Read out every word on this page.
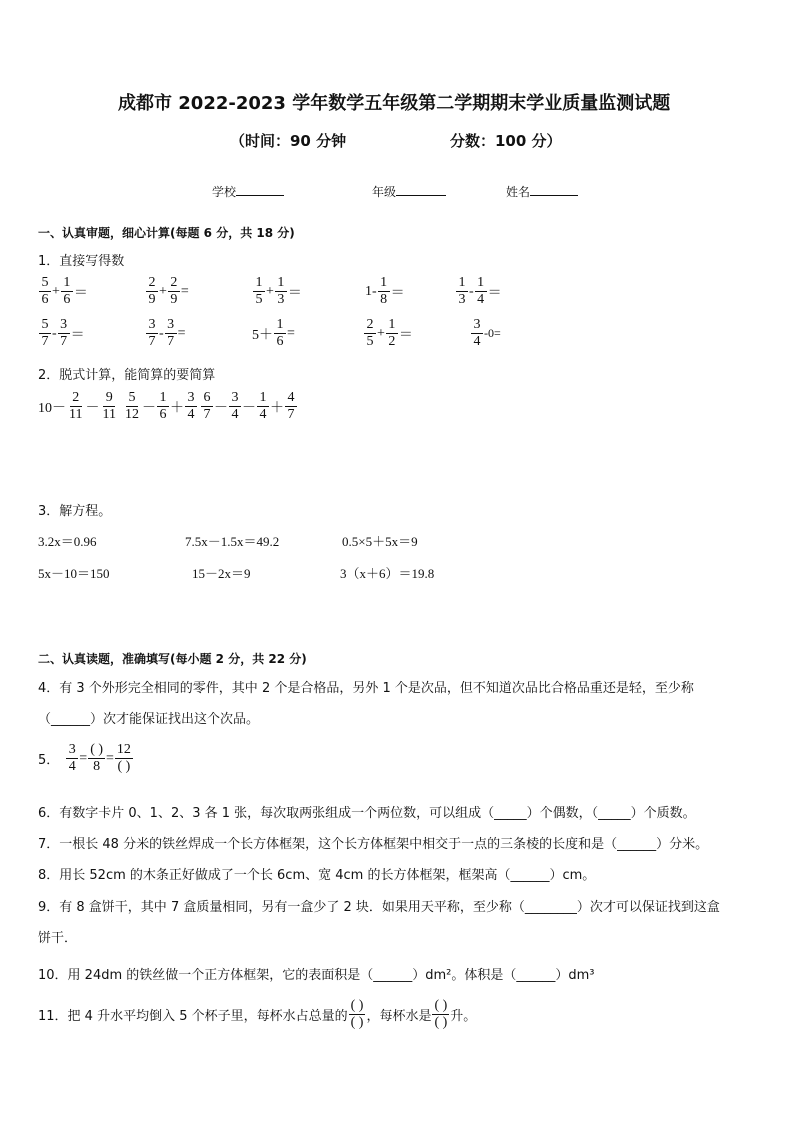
成都市 2022-2023 学年数学五年级第二学期期末学业质量监测试题
（时间：90 分钟	分数：100 分）
学校	年级	姓名
一、认真审题，细心计算(每题 6 分，共 18 分)
1．直接写得数
$\frac{5}{6} + \frac{1}{6}$ ＝	$\frac{2}{9} + \frac{2}{9}$ =	$\frac{1}{5} + \frac{1}{3}$ ＝	$1- \frac{1}{8}$ ＝	$\frac{1}{3} - \frac{1}{4}$ ＝
$\frac{5}{7} - \frac{3}{7}$ ＝	$\frac{3}{7} - \frac{3}{7}$ =	$5+ \frac{1}{6}$ =	$\frac{2}{5} + \frac{1}{2}$ ＝	$\frac{3}{4} -0=$
2．脱式计算，能简算的要简算
$10- \frac{2}{11} - \frac{9}{11} \frac{5}{12} - \frac{1}{6} + \frac{3}{4} \frac{6}{7} - \frac{3}{4} - \frac{1}{4} + \frac{4}{7}$
3．解方程。
3.2x＝0.96	7.5x－1.5x＝49.2	0.5×5＋5x＝9
5x－10＝150	15－2x＝9	3（x＋6）＝19.8
二、认真读题，准确填写(每小题 2 分，共 22 分)
4．有 3 个外形完全相同的零件，其中 2 个是合格品，另外 1 个是次品，但不知道次品比合格品重还是轻，至少称
（______）次才能保证找出这个次品。
5． $\frac{3}{4} = \frac{( )}{8} = \frac{12}{( )}$
6．有数字卡片 0、1、2、3 各 1 张，每次取两张组成一个两位数，可以组成（_____）个偶数，（_____）个质数。
7．一根长 48 分米的铁丝焊成一个长方体框架，这个长方体框架中相交于一点的三条棱的长度和是（______）分米。
8．用长 52cm 的木条正好做成了一个长 6cm、宽 4cm 的长方体框架，框架高（______）cm。
9．有 8 盒饼干，其中 7 盒质量相同，另有一盒少了 2 块．如果用天平称，至少称（________）次才可以保证找到这盒
饼干．
10．用 24dm 的铁丝做一个正方体框架，它的表面积是（______）dm²。体积是（______）dm³
11．把 4 升水平均倒入 5 个杯子里，每杯水占总量的 $\frac{( )}{( )}$ ，每杯水是 $\frac{( )}{( )}$ 升。
